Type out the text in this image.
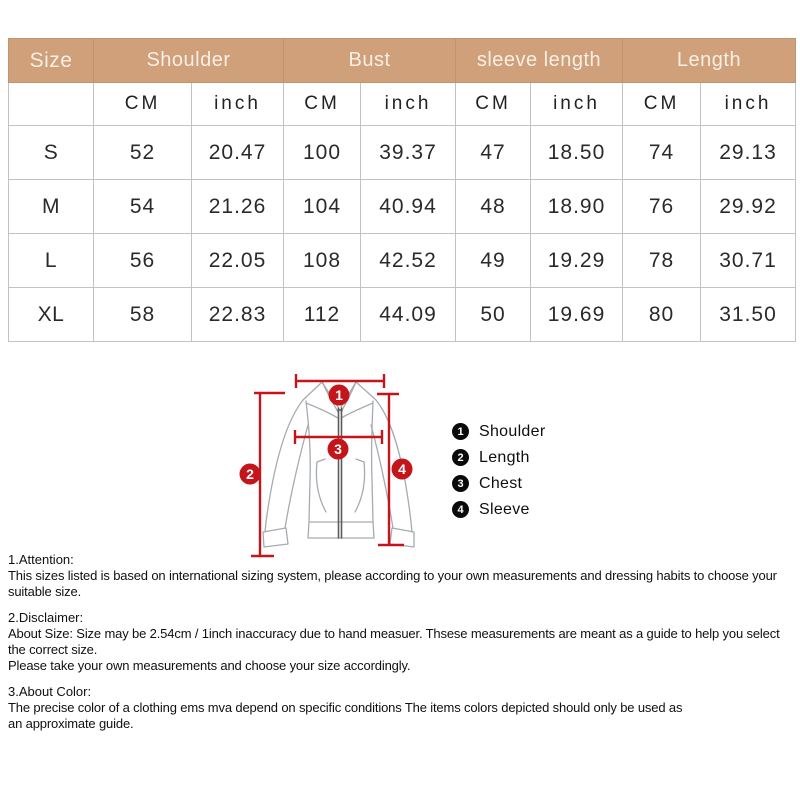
Size	Shoulder		Bust		sleeve length		Length	
	CM	inch	CM	inch	CM	inch	CM	inch
S	52	20.47	100	39.37	47	18.50	74	29.13
M	54	21.26	104	40.94	48	18.90	76	29.92
L	56	22.05	108	42.52	49	19.29	78	30.71
XL	58	22.83	112	44.09	50	19.69	80	31.50
1
2
3
4
1 Shoulder
2 Length
3 Chest
4 Sleeve
1.Attention:
This sizes listed is based on international sizing system, please according to your own measurements and dressing habits to choose your suitable size.
2.Disclaimer:
About Size: Size may be 2.54cm / 1inch inaccuracy due to hand measuer. Thsese measurements are meant as a guide to help you select the correct size.
Please take your own measurements and choose your size accordingly.
3.About Color:
The precise color of a clothing ems mva depend on specific conditions The items colors depicted should only be used as
an approximate guide.
